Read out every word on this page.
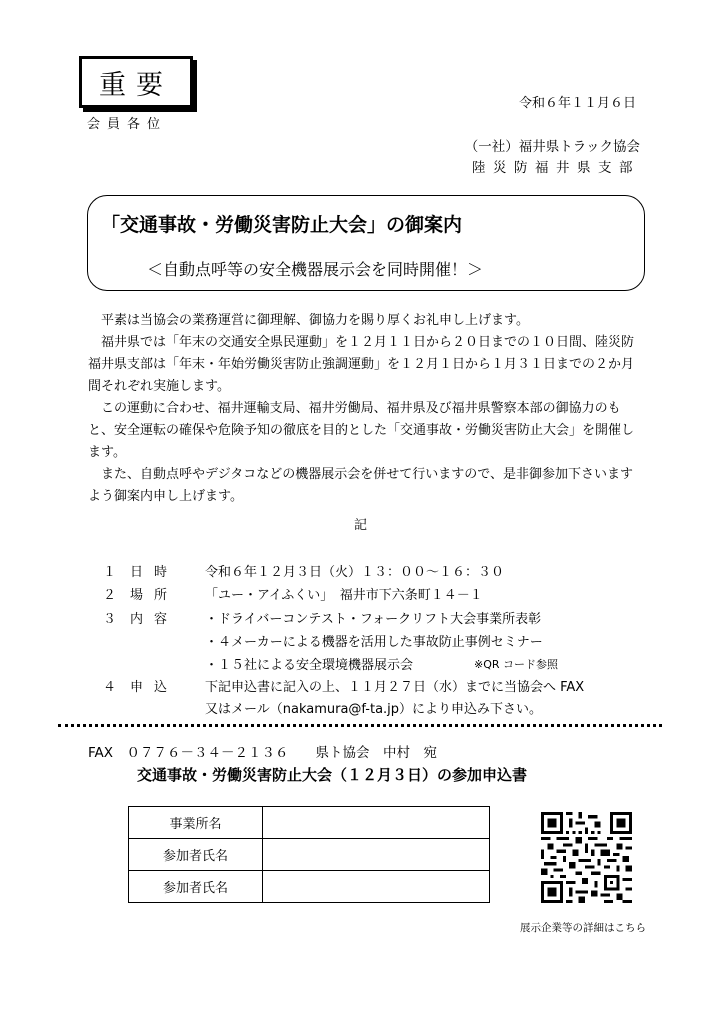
重要
令和６年１１月６日
会員各位
（一社）福井県トラック協会
陸災防福井県支部
「交通事故・労働災害防止大会」の御案内
＜自動点呼等の安全機器展示会を同時開催！＞

　平素は当協会の業務運営に御理解、御協力を賜り厚くお礼申し上げます。

　福井県では「年末の交通安全県民運動」を１２月１１日から２０日までの１０日間、陸災防福井県支部は「年末・年始労働災害防止強調運動」を１２月１日から１月３１日までの２か月間それぞれ実施します。

　この運動に合わせ、福井運輸支局、福井労働局、福井県及び福井県警察本部の御協力のもと、安全運転の確保や危険予知の徹底を目的とした「交通事故・労働災害防止大会」を開催します。

　また、自動点呼やデジタコなどの機器展示会を併せて行いますので、是非御参加下さいますよう御案内申し上げます。

記
１ 日時 令和６年１２月３日（火）１３：００～１６：３０
２ 場所 「ユー・アイふくい」　福井市下六条町１４－１
３ 内容 ・ドライバーコンテスト・フォークリフト大会事業所表彰
・４メーカーによる機器を活用した事故防止事例セミナー
・１５社による安全環境機器展示会	※QR コード参照
４ 申込 下記申込書に記入の上、１１月２７日（水）までに当協会へ FAX
又はメール（nakamura@f-ta.jp）により申込み下さい。
FAX　０７７６－３４－２１３６　　県ト協会　中村　宛
交通事故・労働災害防止大会（１２月３日）の参加申込書
事業所名	
参加者氏名	
参加者氏名	
展示企業等の詳細はこちら
